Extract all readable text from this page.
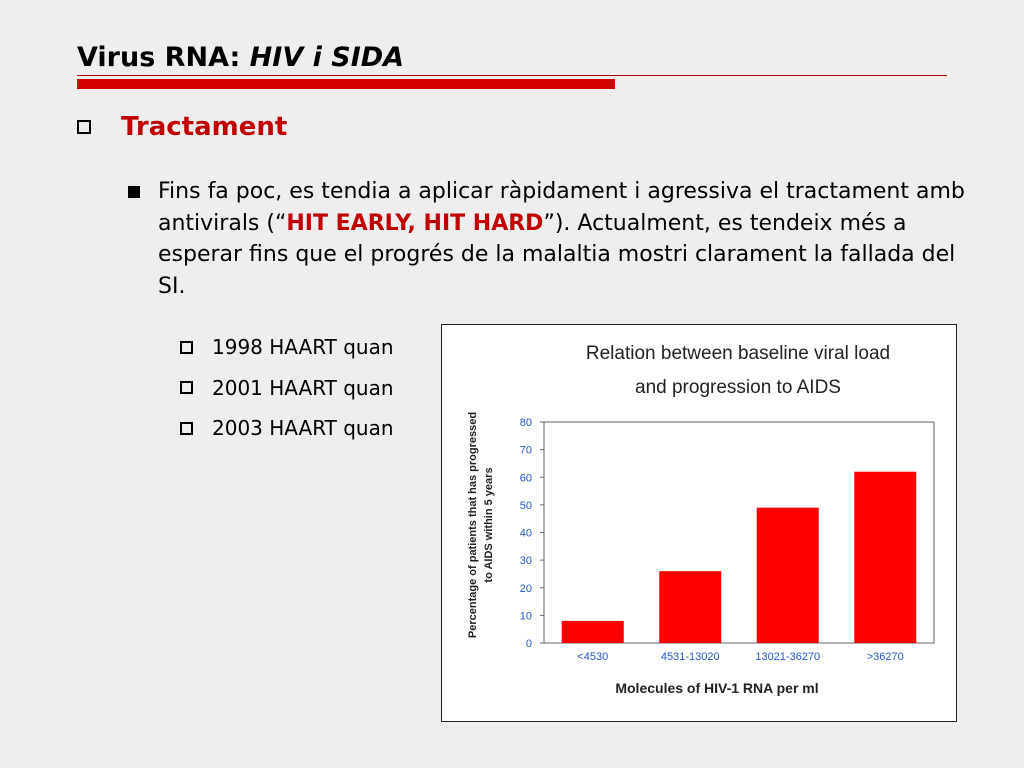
Virus RNA: HIV i SIDA
Tractament
Fins fa poc, es tendia a aplicar ràpidament i agressiva el tractament amb antivirals (“HIT EARLY, HIT HARD”). Actualment, es tendeix més a esperar fins que el progrés de la malaltia mostri clarament la fallada del SI.
1998 HAART quan
2001 HAART quan
2003 HAART quan
Relation between baseline viral load
and progression to AIDS
0
10
20
30
40
50
60
70
80
<4530	4531-13020	13021-36270	>36270
Molecules of HIV-1 RNA per ml
Percentage of patients that has progressed to AIDS within 5 years
